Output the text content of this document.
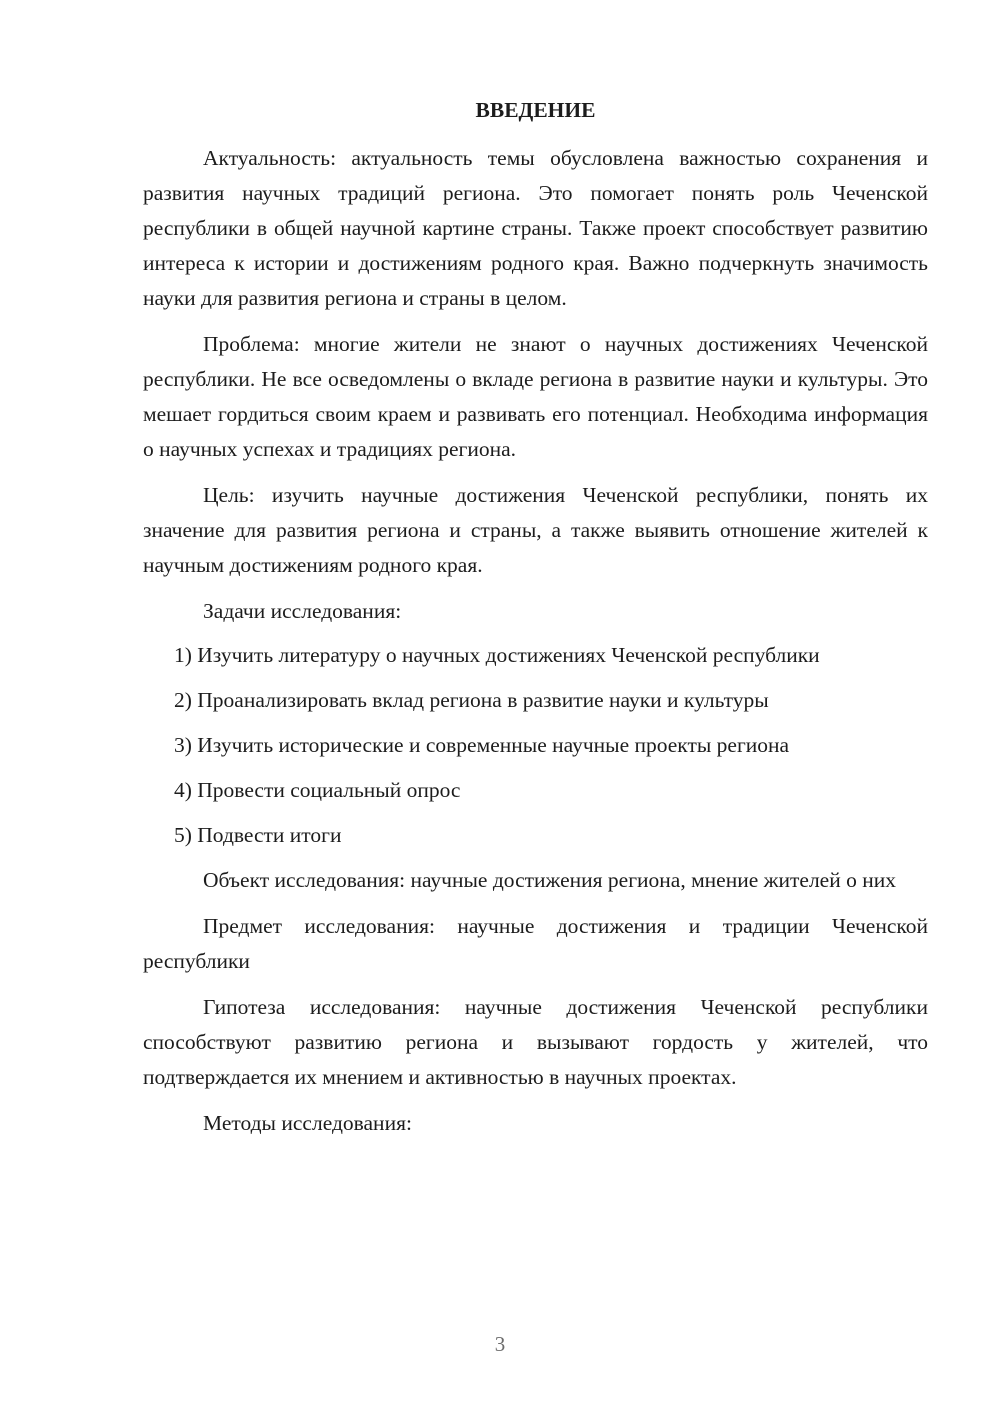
ВВЕДЕНИЕ

Актуальность: актуальность темы обусловлена важностью сохранения и развития научных традиций региона. Это помогает понять роль Чеченской республики в общей научной картине страны. Также проект способствует развитию интереса к истории и достижениям родного края. Важно подчеркнуть значимость науки для развития региона и страны в целом.

Проблема: многие жители не знают о научных достижениях Чеченской республики. Не все осведомлены о вкладе региона в развитие науки и культуры. Это мешает гордиться своим краем и развивать его потенциал. Необходима информация о научных успехах и традициях региона.

Цель: изучить научные достижения Чеченской республики, понять их значение для развития региона и страны, а также выявить отношение жителей к научным достижениям родного края.

Задачи исследования:

1) Изучить литературу о научных достижениях Чеченской республики
2) Проанализировать вклад региона в развитие науки и культуры
3) Изучить исторические и современные научные проекты региона
4) Провести социальный опрос
5) Подвести итоги

Объект исследования: научные достижения региона, мнение жителей о них

Предмет исследования: научные достижения и традиции Чеченской республики

Гипотеза исследования: научные достижения Чеченской республики способствуют развитию региона и вызывают гордость у жителей, что подтверждается их мнением и активностью в научных проектах.

Методы исследования:

3
